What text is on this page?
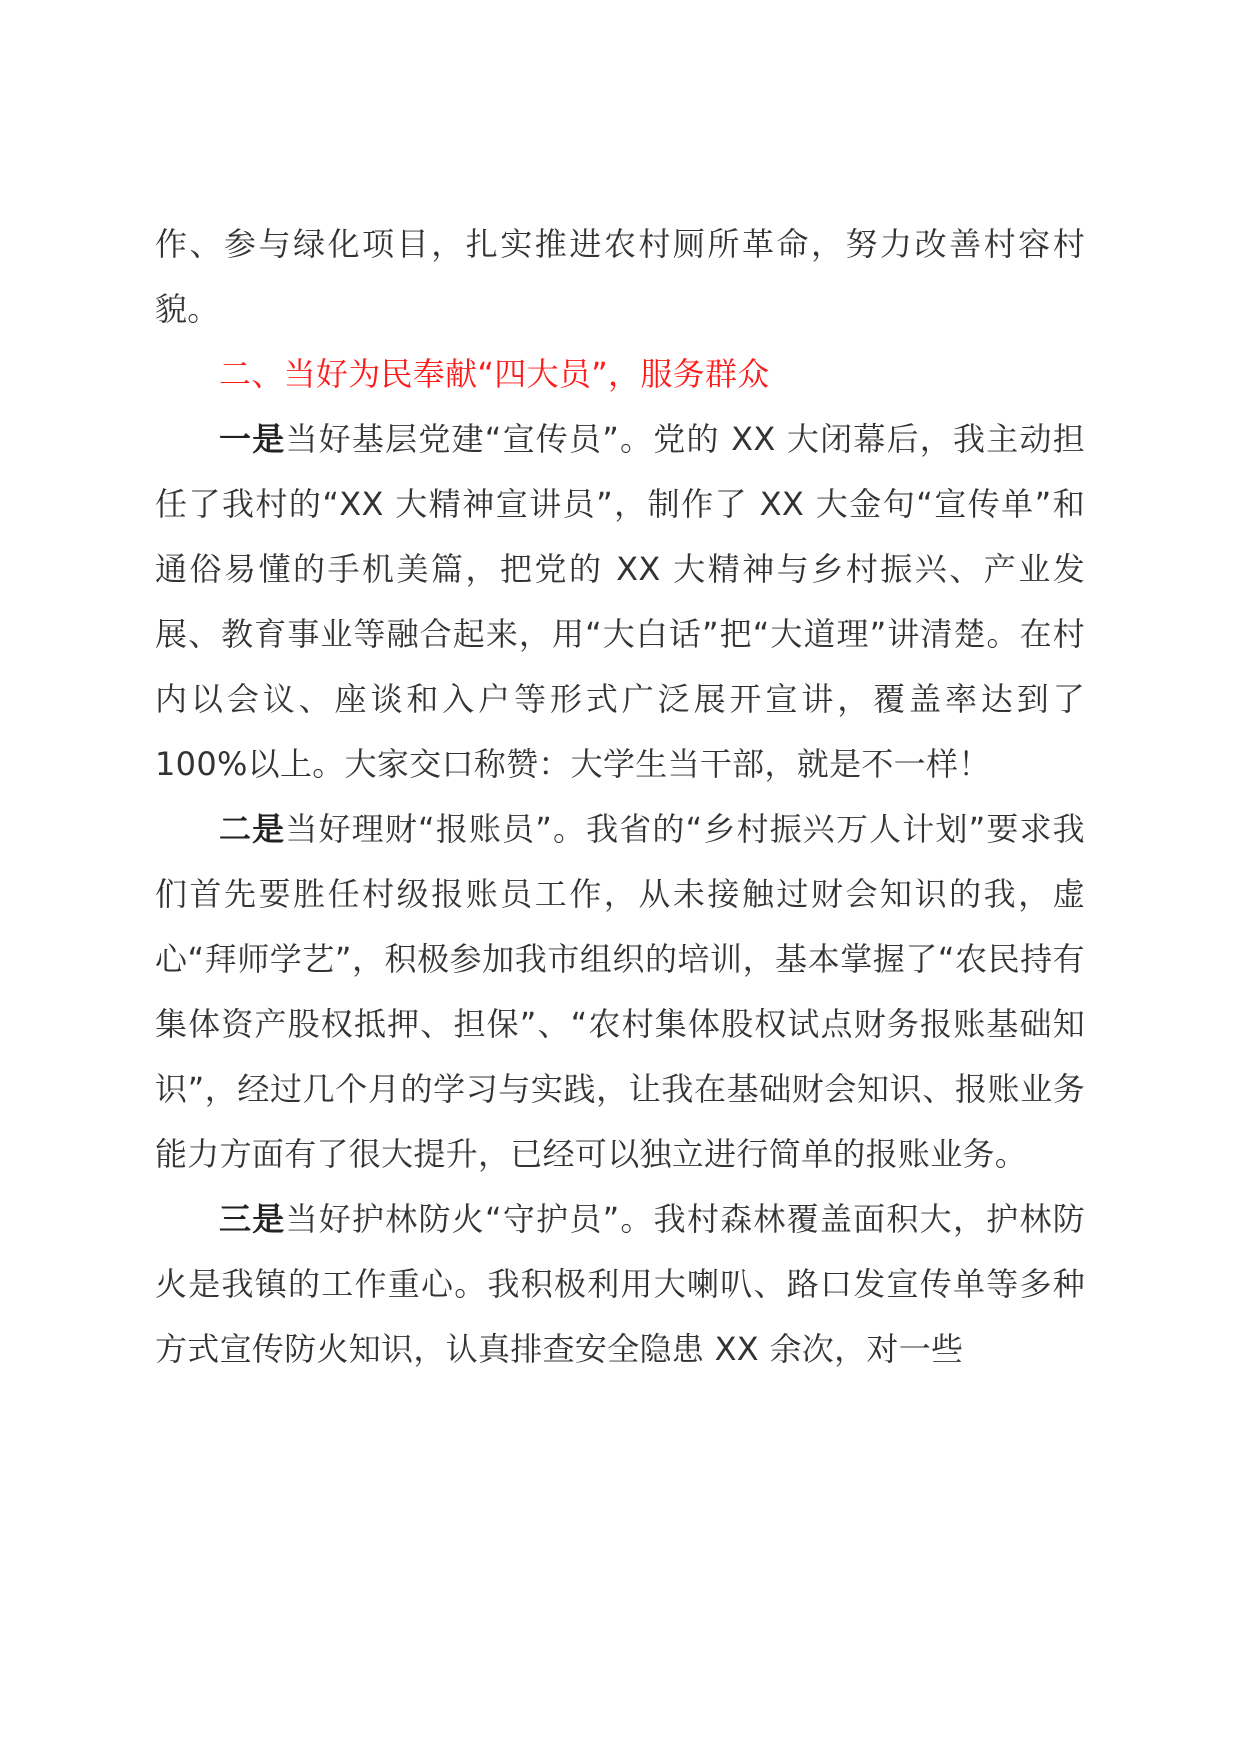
作、参与绿化项目，扎实推进农村厕所革命，努力改善村容村貌。

二、当好为民奉献“四大员”，服务群众

一是当好基层党建“宣传员”。党的 XX 大闭幕后，我主动担任了我村的“XX 大精神宣讲员”，制作了 XX 大金句“宣传单”和通俗易懂的手机美篇，把党的 XX 大精神与乡村振兴、产业发展、教育事业等融合起来，用“大白话”把“大道理”讲清楚。在村内以会议、座谈和入户等形式广泛展开宣讲，覆盖率达到了 100%以上。大家交口称赞：大学生当干部，就是不一样！

二是当好理财“报账员”。我省的“乡村振兴万人计划”要求我们首先要胜任村级报账员工作，从未接触过财会知识的我，虚心“拜师学艺”，积极参加我市组织的培训，基本掌握了“农民持有集体资产股权抵押、担保”、“农村集体股权试点财务报账基础知识”，经过几个月的学习与实践，让我在基础财会知识、报账业务能力方面有了很大提升，已经可以独立进行简单的报账业务。

三是当好护林防火“守护员”。我村森林覆盖面积大，护林防火是我镇的工作重心。我积极利用大喇叭、路口发宣传单等多种方式宣传防火知识，认真排查安全隐患 XX 余次，对一些
